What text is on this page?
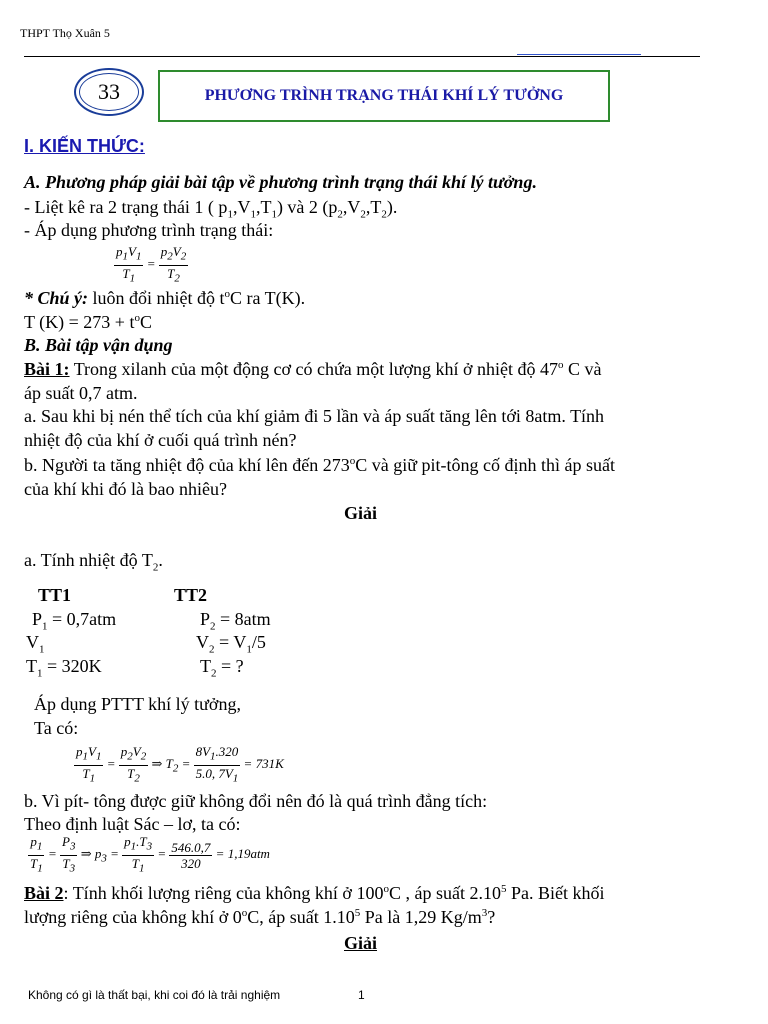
THPT Thọ Xuân 5
33	PHƯƠNG TRÌNH TRẠNG THÁI KHÍ LÝ TƯỞNG
I. KIẾN THỨC:
A. Phương pháp giải bài tập về phương trình trạng thái khí lý tưởng.
- Liệt kê ra 2 trạng thái 1 ( $p_1,V_1,T_1$) và 2 $(p_2,V_2,T_2)$.
- Áp dụng phương trình trạng thái:
$\frac{p_1V_1}{T_1} = \frac{p_2V_2}{T_2}$
* Chú ý: luôn đổi nhiệt độ $t^oC$ ra T(K).
T $(K) = 273 + t^oC$
B. Bài tập vận dụng
Bài 1: Trong xilanh của một động cơ có chứa một lượng khí ở nhiệt độ 47$^o$ C và
áp suất 0,7 atm.
a. Sau khi bị nén thể tích của khí giảm đi 5 lần và áp suất tăng lên tới 8atm. Tính
nhiệt độ của khí ở cuối quá trình nén?
b. Người ta tăng nhiệt độ của khí lên đến 273$^o$C và giữ pit-tông cố định thì áp suất
của khí khi đó là bao nhiêu?
Giải
a. Tính nhiệt độ $T_2$.
TT1	TT2
$P_1 = 0,7atm$	$P_2 = 8atm$
$V_1$	$V_2 = V_1/5$
$T_1 = 320K$	$T_2$ = ?
Áp dụng PTTT khí lý tưởng,
Ta có:
$\frac{p_1V_1}{T_1} = \frac{p_2V_2}{T_2}$ ⇒ $T_2 = \frac{8V_1.320}{5.0, 7V_1} = 731K$
b. Vì pít- tông được giữ không đổi nên đó là quá trình đẳng tích:
Theo định luật Sác – lơ, ta có:
$\frac{p_1}{T_1} = \frac{P_3}{T_3}$ ⇒ $p_3 = \frac{p_1.T_3}{T_1} = \frac{546.0,7}{320} = 1,19atm$
Bài 2: Tính khối lượng riêng của không khí ở 100$^o$C , áp suất 2.10$^5$ Pa. Biết khối
lượng riêng của không khí ở 0$^o$C, áp suất 1.10$^5$ Pa là 1,29 $Kg/m^3$?
Giải
Không có gì là thất bại, khi coi đó là trải nghiệm	1
